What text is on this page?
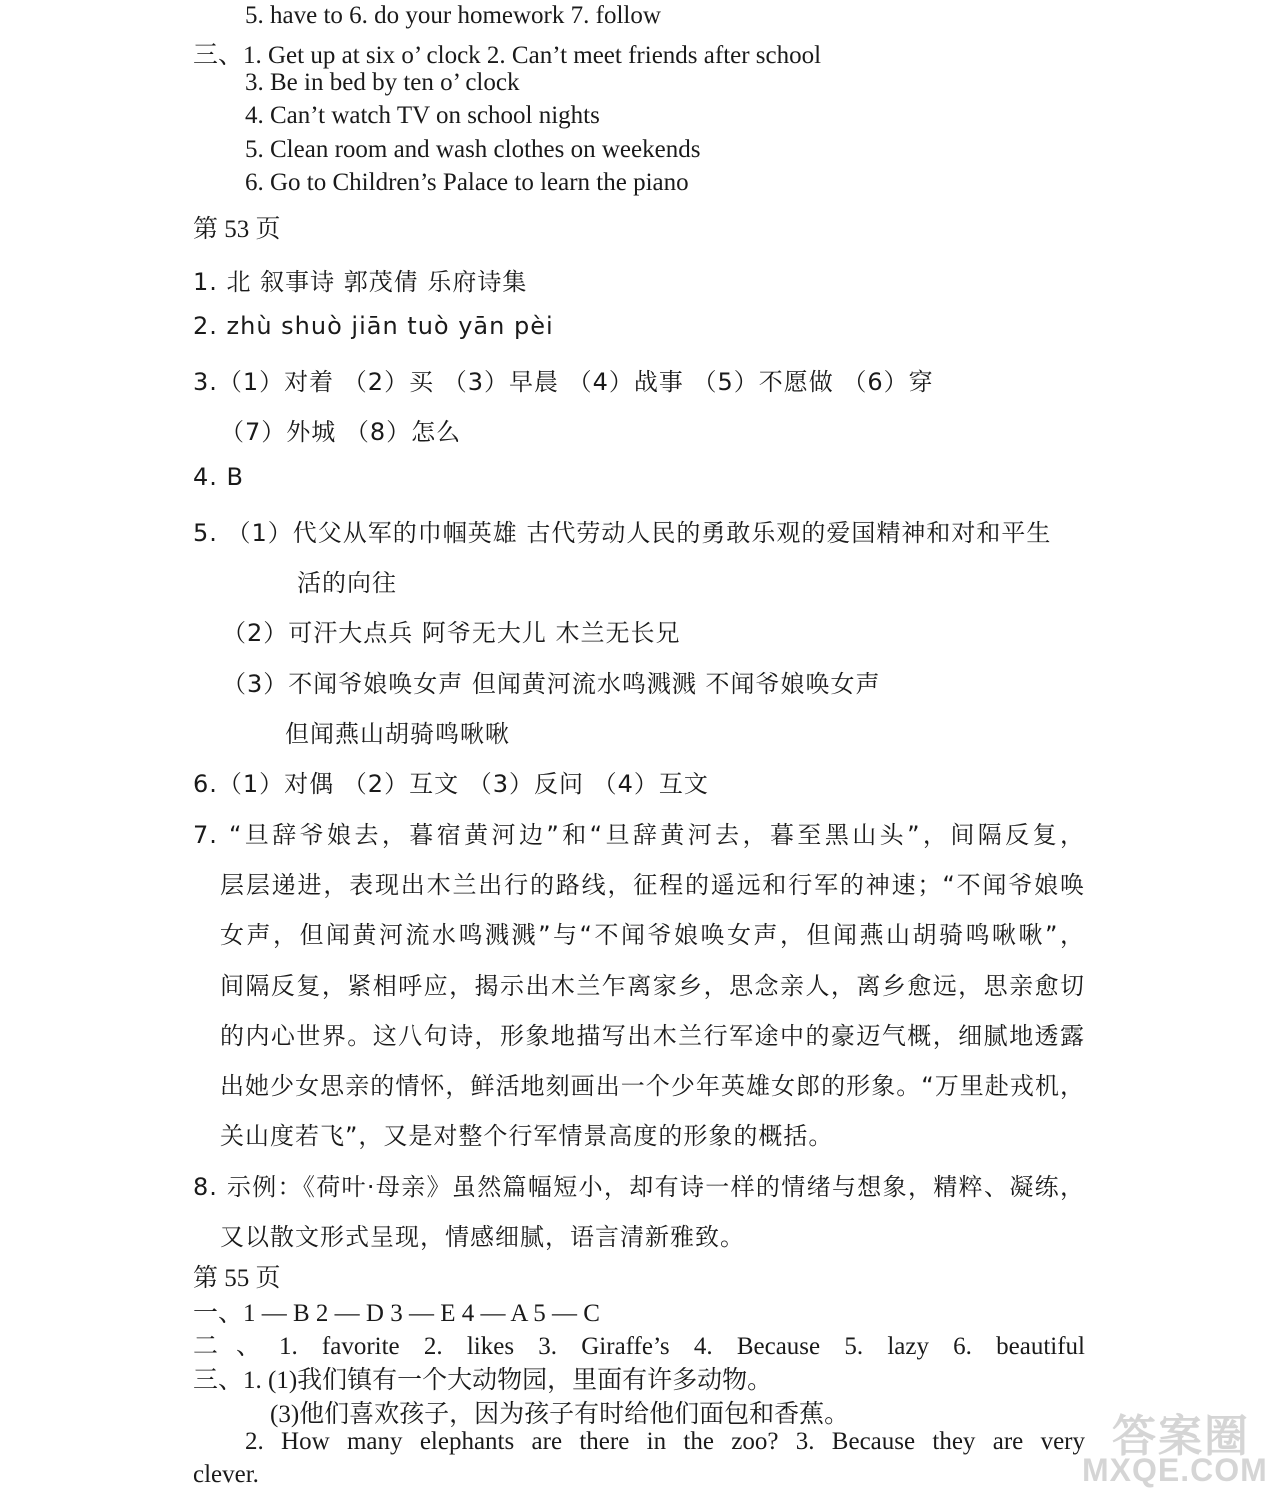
5. have to 6. do your homework 7. follow
三、1. Get up at six o’ clock 2. Can’t meet friends after school
3. Be in bed by ten o’ clock
4. Can’t watch TV on school nights
5. Clean room and wash clothes on weekends
6. Go to Children’s Palace to learn the piano
第 53 页
1. 北 叙事诗 郭茂倩 乐府诗集
2. zhù shuò jiān tuò yān pèi
3.（1）对着 （2）买 （3）早晨 （4）战事 （5）不愿做 （6）穿
（7）外城 （8）怎么
4. B
5. （1）代父从军的巾帼英雄 古代劳动人民的勇敢乐观的爱国精神和对和平生
活的向往
（2）可汗大点兵 阿爷无大儿 木兰无长兄
（3）不闻爷娘唤女声 但闻黄河流水鸣溅溅 不闻爷娘唤女声
但闻燕山胡骑鸣啾啾
6.（1）对偶 （2）互文 （3）反问 （4）互文
7. “旦辞爷娘去，暮宿黄河边”和“旦辞黄河去，暮至黑山头”，间隔反复，
层层递进，表现出木兰出行的路线，征程的遥远和行军的神速；“不闻爷娘唤
女声，但闻黄河流水鸣溅溅”与“不闻爷娘唤女声，但闻燕山胡骑鸣啾啾”，
间隔反复，紧相呼应，揭示出木兰乍离家乡，思念亲人，离乡愈远，思亲愈切
的内心世界。这八句诗，形象地描写出木兰行军途中的豪迈气概，细腻地透露
出她少女思亲的情怀，鲜活地刻画出一个少年英雄女郎的形象。“万里赴戎机，
关山度若飞”，又是对整个行军情景高度的形象的概括。
8. 示例：《荷叶·母亲》虽然篇幅短小，却有诗一样的情绪与想象，精粹、凝练，
又以散文形式呈现，情感细腻，语言清新雅致。
第 55 页
一、1 — B 2 — D 3 — E 4 — A 5 — C
二、1. favorite 2. likes 3. Giraffe’s 4. Because 5. lazy 6. beautiful
三、1. (1)我们镇有一个大动物园，里面有许多动物。
(3)他们喜欢孩子，因为孩子有时给他们面包和香蕉。
2. How many elephants are there in the zoo? 3. Because they are very
clever.
答案圈
MXQE.COM
